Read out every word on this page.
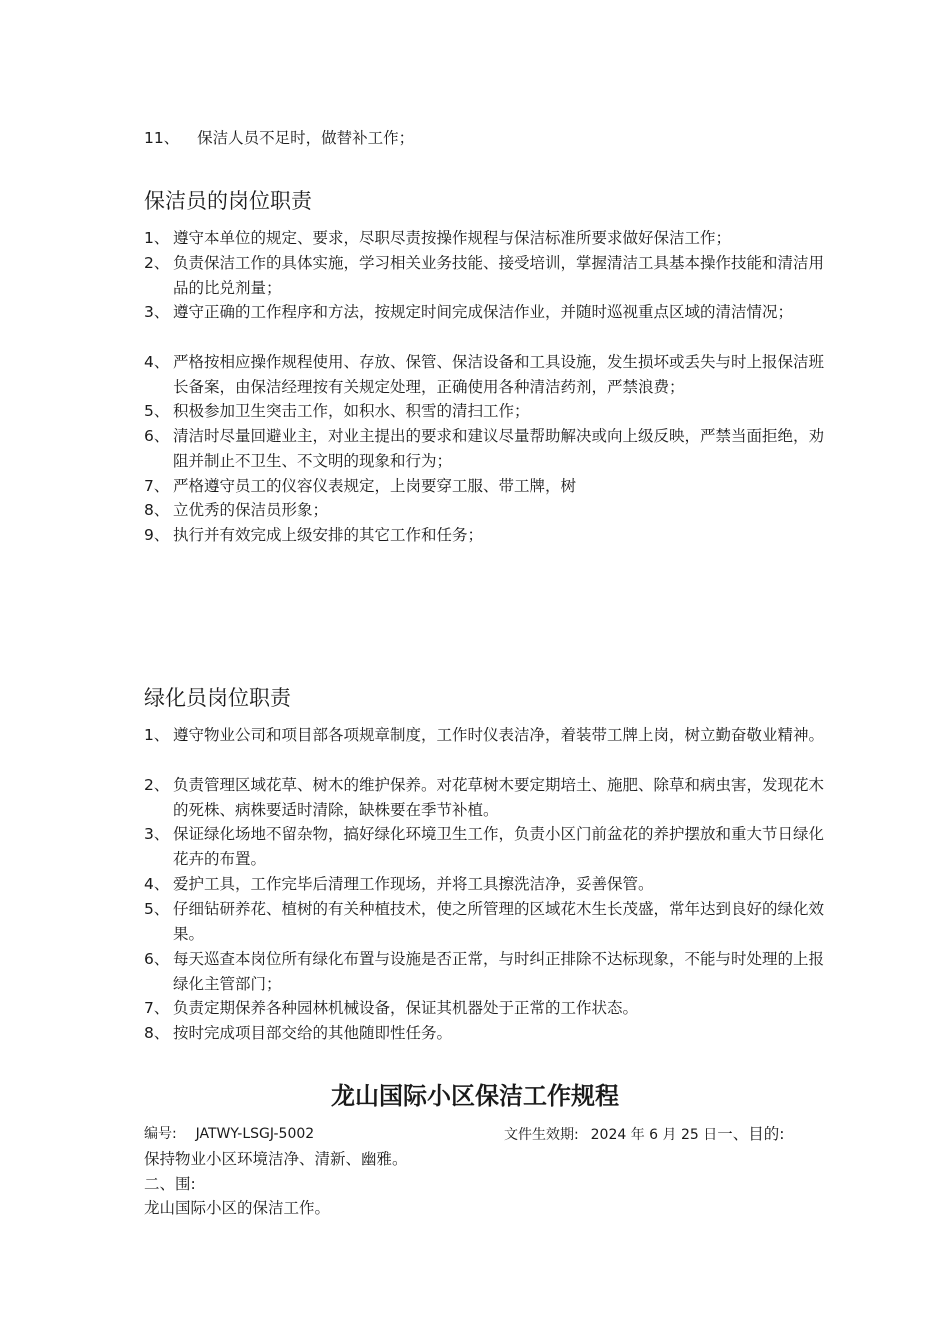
11、 保洁人员不足时，做替补工作；
保洁员的岗位职责
1、 遵守本单位的规定、要求，尽职尽责按操作规程与保洁标准所要求做好保洁工作；
2、 负责保洁工作的具体实施，学习相关业务技能、接受培训，掌握清洁工具基本操作技能和清洁用品的比兑剂量；
3、 遵守正确的工作程序和方法，按规定时间完成保洁作业，并随时巡视重点区域的清洁情况；
4、 严格按相应操作规程使用、存放、保管、保洁设备和工具设施，发生损坏或丢失与时上报保洁班长备案，由保洁经理按有关规定处理，正确使用各种清洁药剂，严禁浪费；
5、 积极参加卫生突击工作，如积水、积雪的清扫工作；
6、 清洁时尽量回避业主，对业主提出的要求和建议尽量帮助解决或向上级反映，严禁当面拒绝，劝阻并制止不卫生、不文明的现象和行为；
7、 严格遵守员工的仪容仪表规定，上岗要穿工服、带工牌，树
8、 立优秀的保洁员形象；
9、 执行并有效完成上级安排的其它工作和任务；
绿化员岗位职责
1、 遵守物业公司和项目部各项规章制度，工作时仪表洁净，着装带工牌上岗，树立勤奋敬业精神。
2、 负责管理区域花草、树木的维护保养。对花草树木要定期培土、施肥、除草和病虫害，发现花木的死株、病株要适时清除，缺株要在季节补植。
3、 保证绿化场地不留杂物，搞好绿化环境卫生工作，负责小区门前盆花的养护摆放和重大节日绿化花卉的布置。
4、 爱护工具，工作完毕后清理工作现场，并将工具擦洗洁净，妥善保管。
5、 仔细钻研养花、植树的有关种植技术，使之所管理的区域花木生长茂盛，常年达到良好的绿化效果。
6、 每天巡查本岗位所有绿化布置与设施是否正常，与时纠正排除不达标现象，不能与时处理的上报绿化主管部门；
7、 负责定期保养各种园林机械设备，保证其机器处于正常的工作状态。
8、 按时完成项目部交给的其他随即性任务。
龙山国际小区保洁工作规程
编号: JATWY-LSGJ-5002	文件生效期: 2024 年 6 月 25 日一、目的:
保持物业小区环境洁净、清新、幽雅。
二、围:
龙山国际小区的保洁工作。
